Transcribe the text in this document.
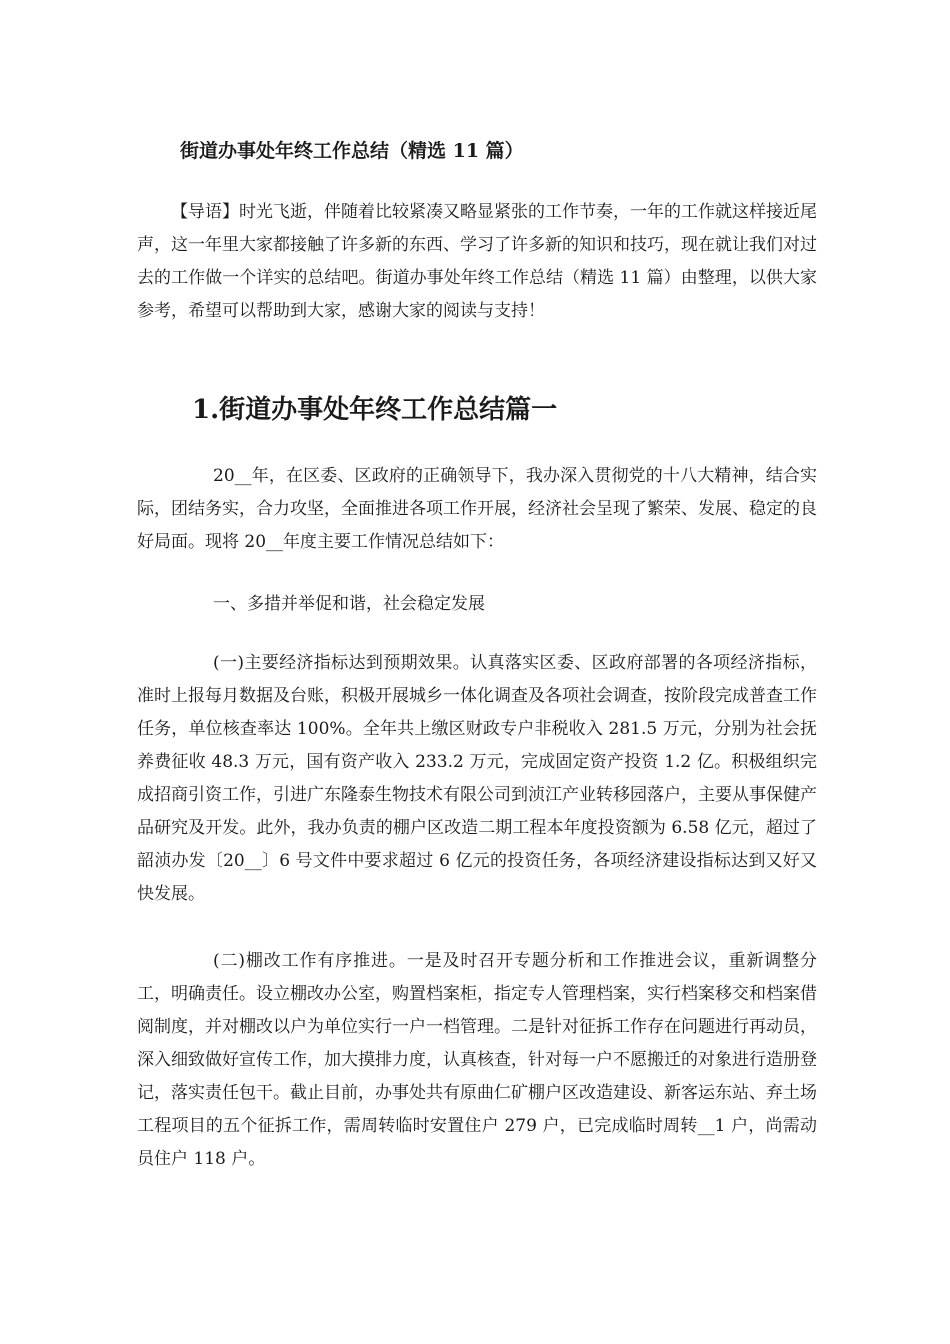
街道办事处年终工作总结（精选 11 篇）
【导语】时光飞逝，伴随着比较紧凑又略显紧张的工作节奏，一年的工作就这样接近尾声，这一年里大家都接触了许多新的东西、学习了许多新的知识和技巧，现在就让我们对过去的工作做一个详实的总结吧。街道办事处年终工作总结（精选 11 篇）由整理，以供大家参考，希望可以帮助到大家，感谢大家的阅读与支持！
1.街道办事处年终工作总结篇一
20__年，在区委、区政府的正确领导下，我办深入贯彻党的十八大精神，结合实际，团结务实，合力攻坚，全面推进各项工作开展，经济社会呈现了繁荣、发展、稳定的良好局面。现将 20__年度主要工作情况总结如下：
一、多措并举促和谐，社会稳定发展
(一)主要经济指标达到预期效果。认真落实区委、区政府部署的各项经济指标，准时上报每月数据及台账，积极开展城乡一体化调查及各项社会调查，按阶段完成普查工作任务，单位核查率达 100%。全年共上缴区财政专户非税收入 281.5 万元，分别为社会抚养费征收 48.3 万元，国有资产收入 233.2 万元，完成固定资产投资 1.2 亿。积极组织完成招商引资工作，引进广东隆泰生物技术有限公司到浈江产业转移园落户，主要从事保健产品研究及开发。此外，我办负责的棚户区改造二期工程本年度投资额为 6.58 亿元，超过了韶浈办发〔20__〕6 号文件中要求超过 6 亿元的投资任务，各项经济建设指标达到又好又快发展。
(二)棚改工作有序推进。一是及时召开专题分析和工作推进会议，重新调整分工，明确责任。设立棚改办公室，购置档案柜，指定专人管理档案，实行档案移交和档案借阅制度，并对棚改以户为单位实行一户一档管理。二是针对征拆工作存在问题进行再动员，深入细致做好宣传工作，加大摸排力度，认真核查，针对每一户不愿搬迁的对象进行造册登记，落实责任包干。截止目前，办事处共有原曲仁矿棚户区改造建设、新客运东站、弃土场工程项目的五个征拆工作，需周转临时安置住户 279 户，已完成临时周转__1 户，尚需动员住户 118 户。
